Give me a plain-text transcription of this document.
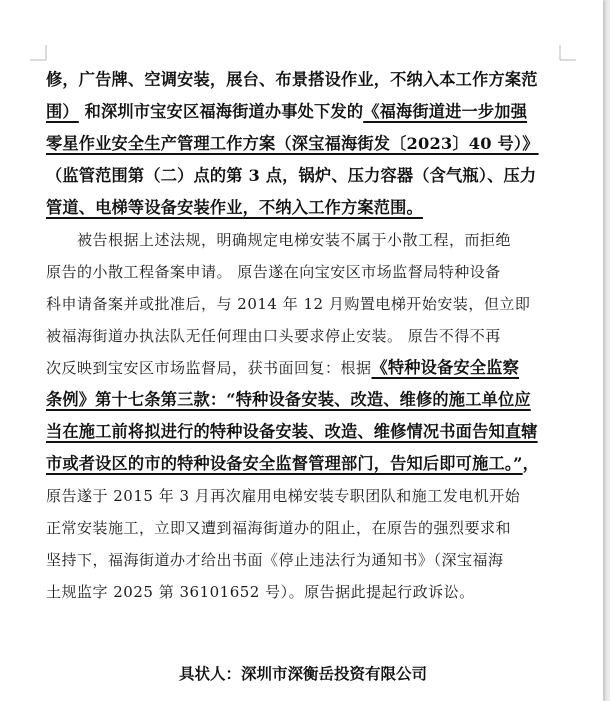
修，广告牌、空调安装，展台、布景搭设作业，不纳入本工作方案范
围） 和深圳市宝安区福海街道办事处下发的《福海街道进一步加强
零星作业安全生产管理工作方案（深宝福海街发〔2023〕40 号）》
（监管范围第（二）点的第 3 点，锅炉、压力容器（含气瓶）、压力
管道、电梯等设备安装作业，不纳入工作方案范围。
被告根据上述法规，明确规定电梯安装不属于小散工程，而拒绝
原告的小散工程备案申请。 原告遂在向宝安区市场监督局特种设备
科申请备案并或批准后，与 2014 年 12 月购置电梯开始安装，但立即
被福海街道办执法队无任何理由口头要求停止安装。 原告不得不再
次反映到宝安区市场监督局，获书面回复：根据《特种设备安全监察
条例》第十七条第三款：“特种设备安装、改造、维修的施工单位应
当在施工前将拟进行的特种设备安装、改造、维修情况书面告知直辖
市或者设区的市的特种设备安全监督管理部门，告知后即可施工。”，
原告遂于 2015 年 3 月再次雇用电梯安装专职团队和施工发电机开始
正常安装施工，立即又遭到福海街道办的阻止，在原告的强烈要求和
坚持下，福海街道办才给出书面《停止违法行为通知书》（深宝福海
土规监字 2025 第 36101652 号）。原告据此提起行政诉讼。
具状人：深圳市深衡岳投资有限公司
